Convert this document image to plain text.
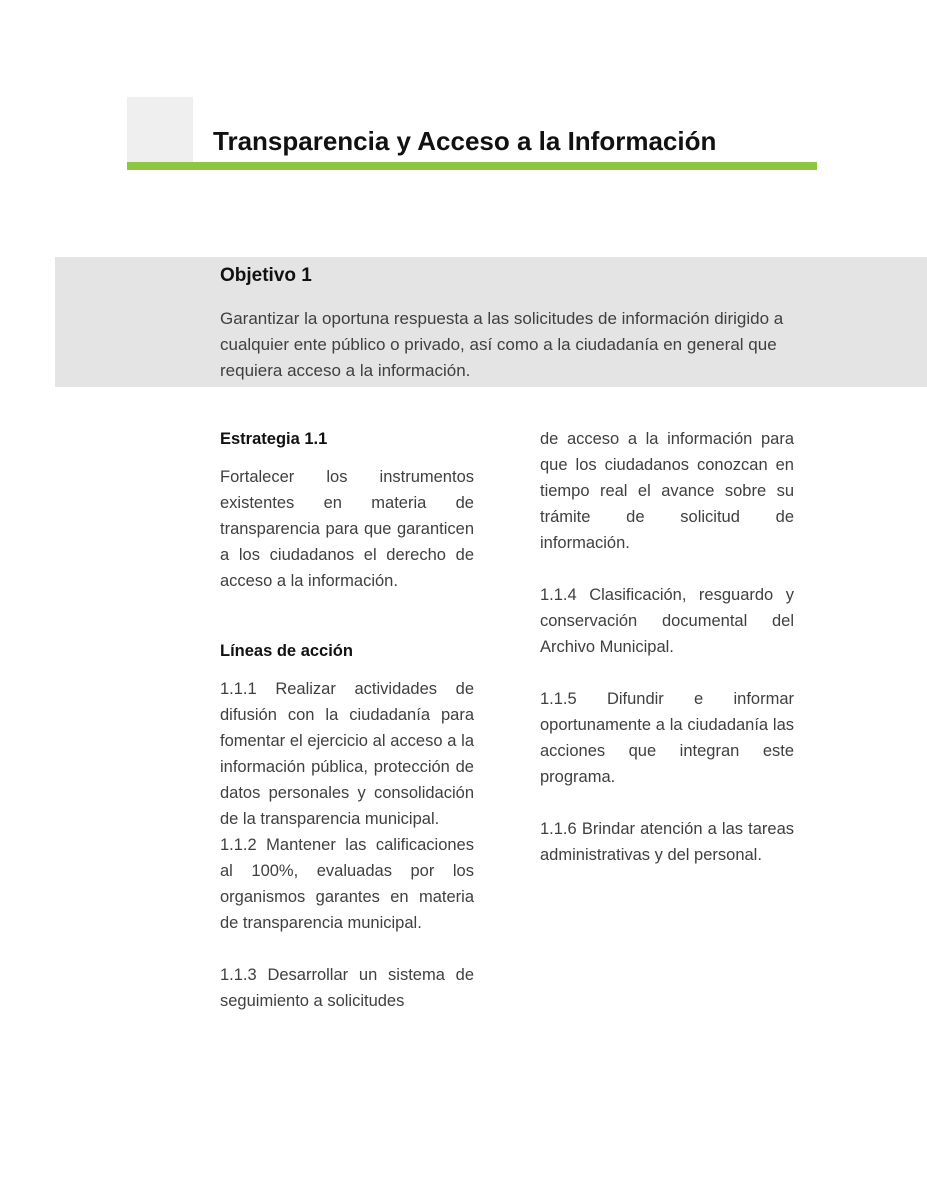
Transparencia y Acceso a la Información
Objetivo 1

Garantizar la oportuna respuesta a las solicitudes de información dirigido a cualquier ente público o privado, así como a la ciudadanía en general que requiera acceso a la información.

Estrategia 1.1

Fortalecer los instrumentos existentes en materia de transparencia para que garanticen a los ciudadanos el derecho de acceso a la información.

Líneas de acción

1.1.1 Realizar actividades de difusión con la ciudadanía para fomentar el ejercicio al acceso a la información pública, protección de datos personales y consolidación de la transparencia municipal.

1.1.2 Mantener las calificaciones al 100%, evaluadas por los organismos garantes en materia de transparencia municipal.

1.1.3 Desarrollar un sistema de seguimiento a solicitudes

de acceso a la información para que los ciudadanos conozcan en tiempo real el avance sobre su trámite de solicitud de información.

1.1.4 Clasificación, resguardo y conservación documental del Archivo Municipal.

1.1.5 Difundir e informar oportunamente a la ciudadanía las acciones que integran este programa.

1.1.6 Brindar atención a las tareas administrativas y del personal.
